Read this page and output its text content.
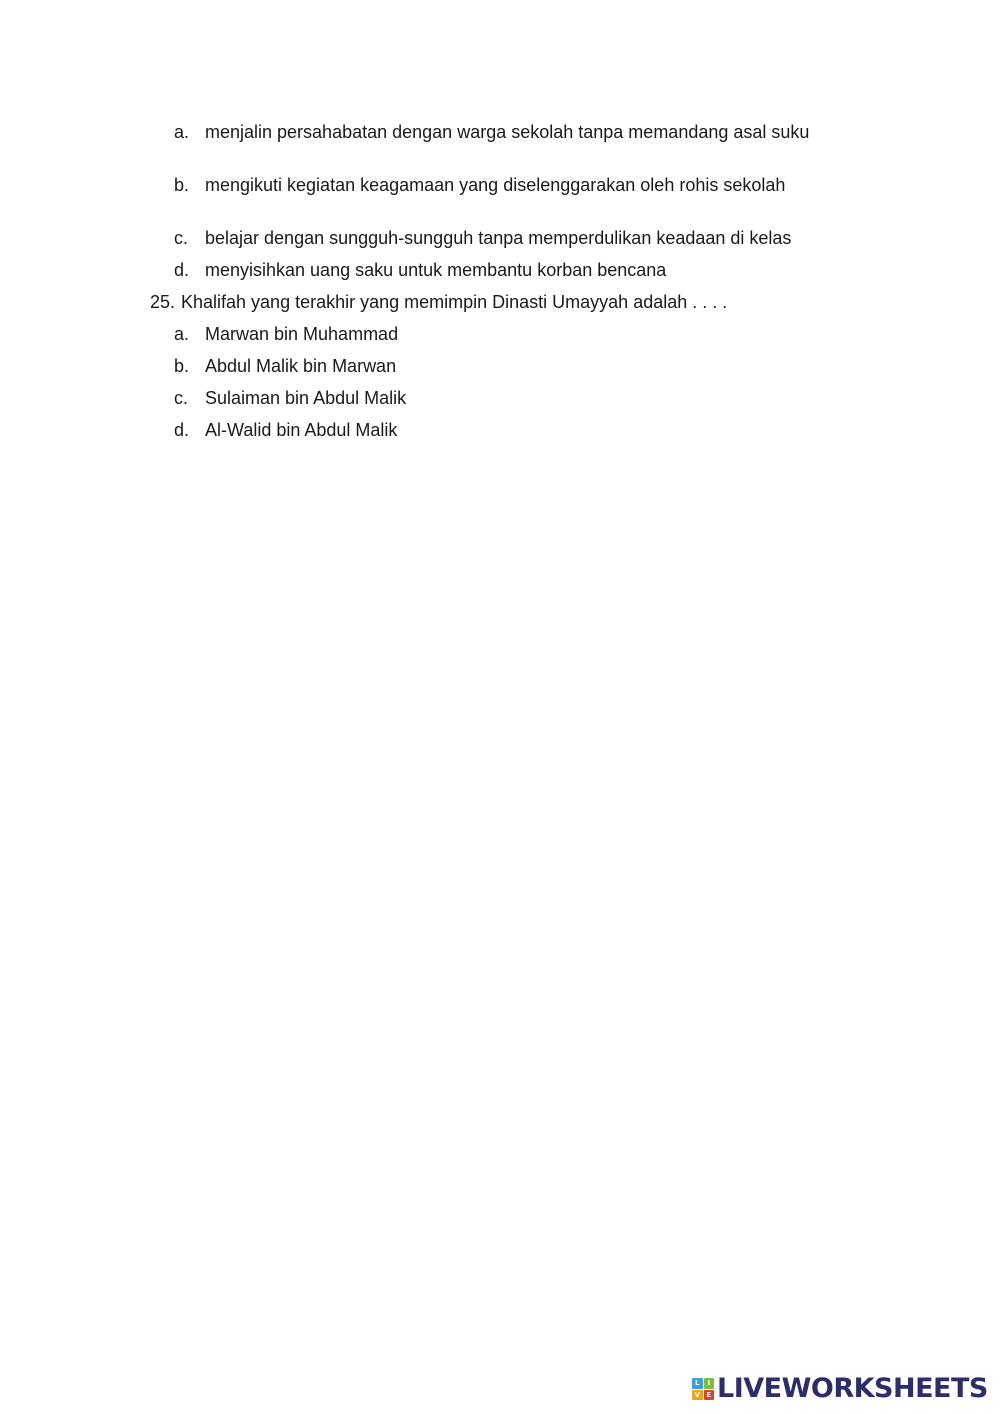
a. menjalin persahabatan dengan warga sekolah tanpa memandang asal suku
b. mengikuti kegiatan keagamaan yang diselenggarakan oleh rohis sekolah
c. belajar dengan sungguh-sungguh tanpa memperdulikan keadaan di kelas
d. menyisihkan uang saku untuk membantu korban bencana
25. Khalifah yang terakhir yang memimpin Dinasti Umayyah adalah . . . .
a. Marwan bin Muhammad
b. Abdul Malik bin Marwan
c. Sulaiman bin Abdul Malik
d. Al-Walid bin Abdul Malik
L	I
V E LIVEWORKSHEETS
